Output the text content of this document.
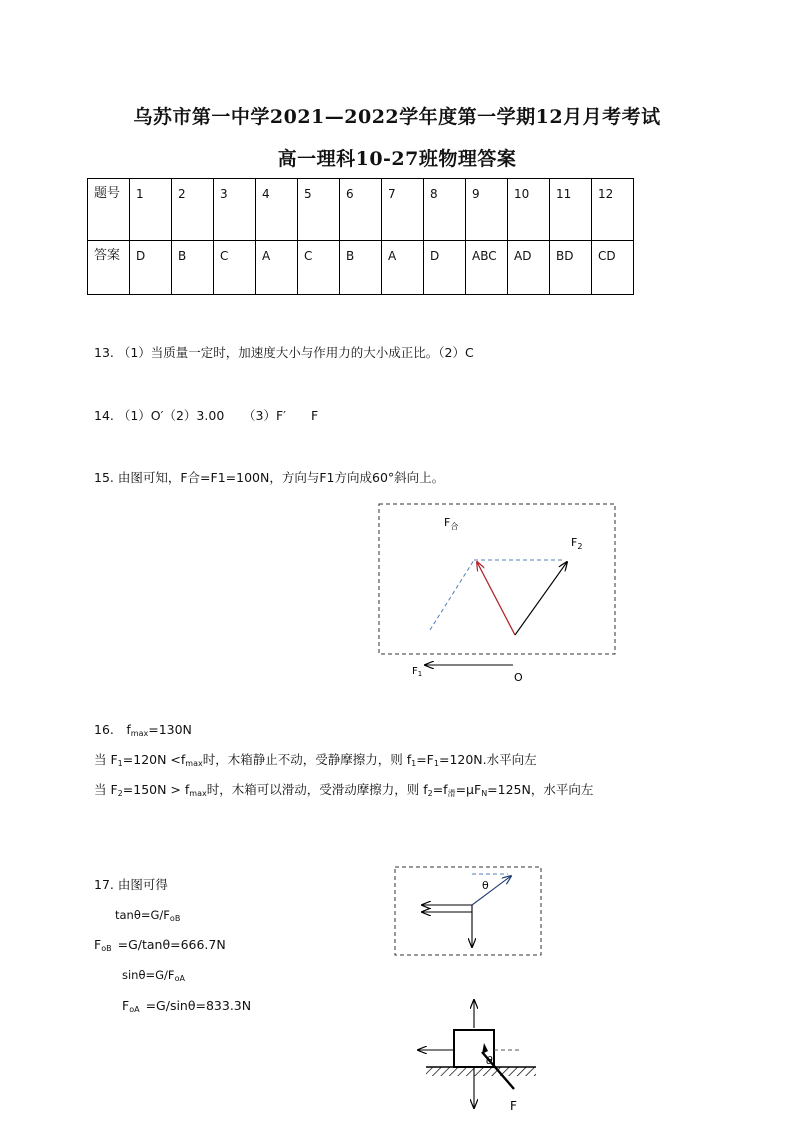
乌苏市第一中学2021—2022学年度第一学期12月月考考试
高一理科10-27班物理答案
题号	1	2	3	4	5	6	7	8	9	10	11	12
答案	D	B	C	A	C	B	A	D	ABC	AD	BD	CD
13. （1）当质量一定时，加速度大小与作用力的大小成正比。（2）C
14. （1）O′（2）3.00　　（3）F′　　F
15. 由图可知，F合=F1=100N，方向与F1方向成60°斜向上。
$F_合$
$F_2$
$F_1$	O
16.　$f_{max}=130N$
当 $F_1=120N <f_{max}$时，木箱静止不动，受静摩擦力，则 $f_1=F_1=120N$.水平向左
当 $F_2=150N > f_{max}$时，木箱可以滑动，受滑动摩擦力，则 $f_2=f_滑=\mu F_N=125N$，水平向左
17. 由图可得
$\tan\theta=G/F_{oB}$
$F_{oB} =G/\tan\theta=666.7N$
$\sin\theta=G/F_{oA}$
$F_{oA} =G/\sin\theta=833.3N$
θ
θ
F
